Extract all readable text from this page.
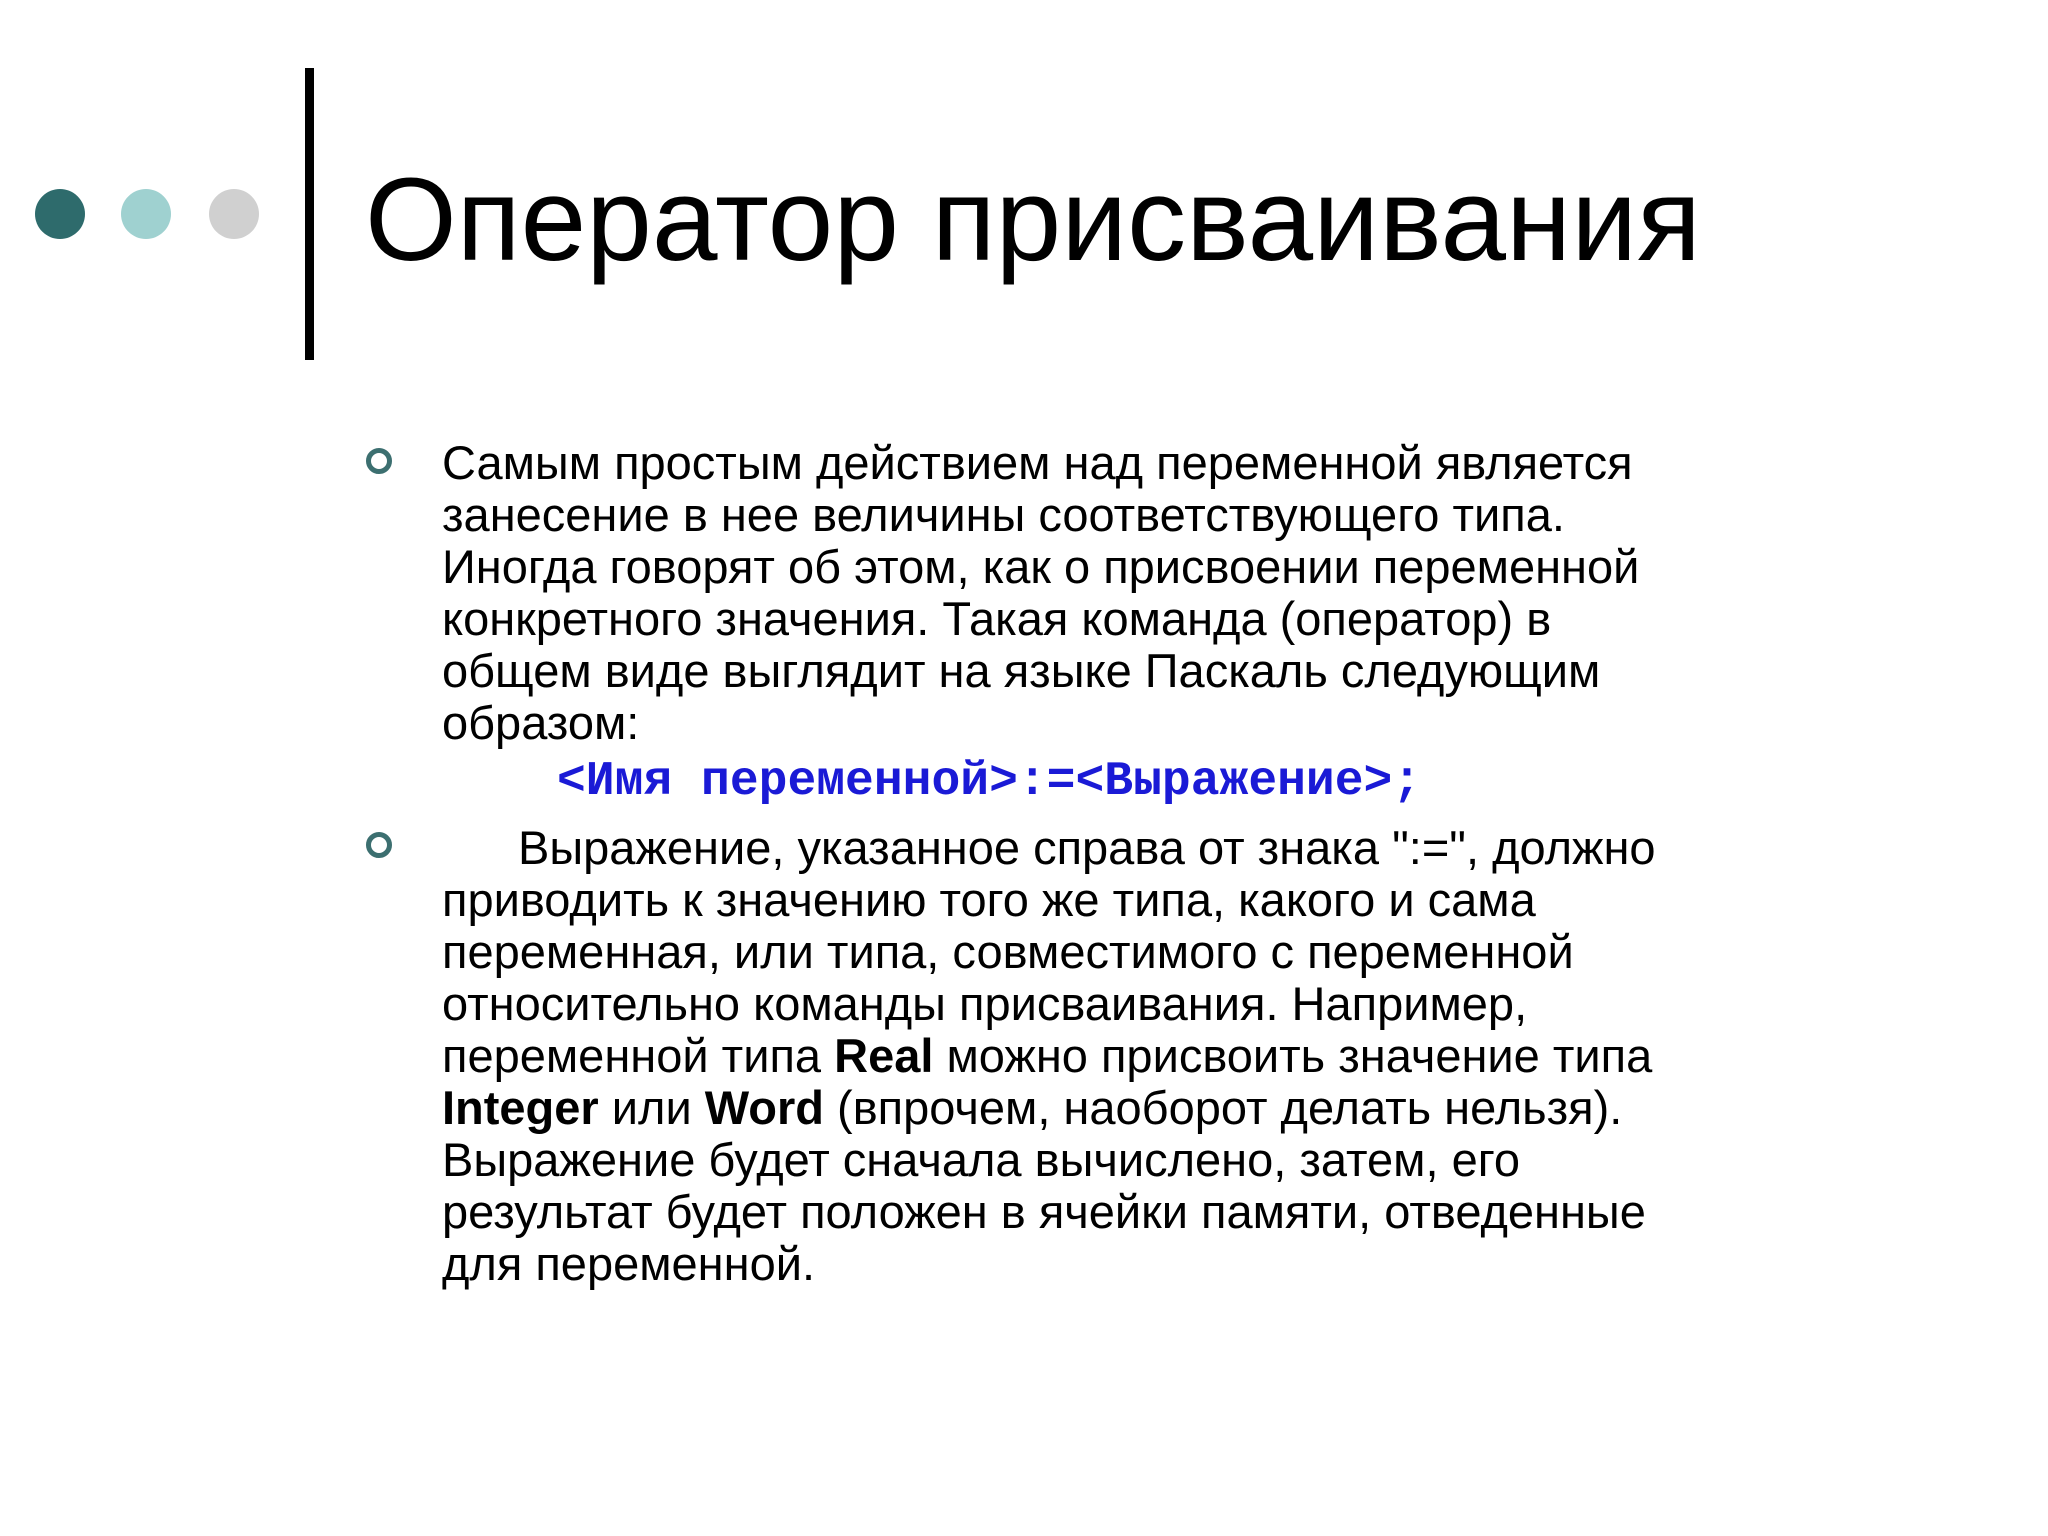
Оператор присваивания
Самым простым действием над переменной является
занесение в нее величины соответствующего типа.
Иногда говорят об этом, как о присвоении переменной
конкретного значения. Такая команда (оператор) в
общем виде выглядит на языке Паскаль следующим
образом:
<Имя переменной>:=<Выражение>;
Выражение, указанное справа от знака ":=", должно
приводить к значению того же типа, какого и сама
переменная, или типа, совместимого с переменной
относительно команды присваивания. Например,
переменной типа Real можно присвоить значение типа
Integer или Word (впрочем, наоборот делать нельзя).
Выражение будет сначала вычислено, затем, его
результат будет положен в ячейки памяти, отведенные
для переменной.
